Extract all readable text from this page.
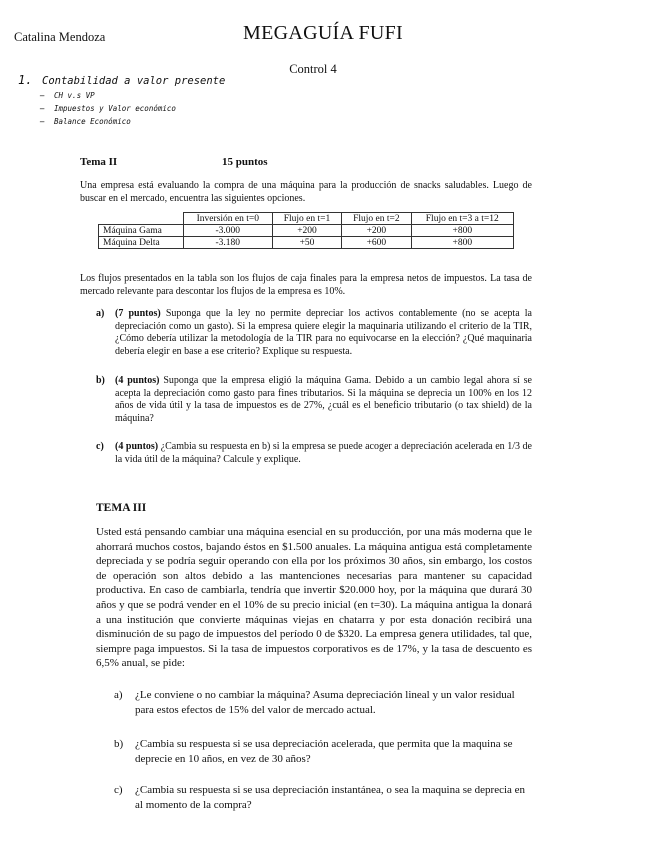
Catalina Mendoza	MEGAGUÍA FUFI
Control 4
1. Contabilidad a valor presente
– CH v.s VP
– Impuestos y Valor económico
– Balance Económico
Tema II	15 puntos
Una empresa está evaluando la compra de una máquina para la producción de snacks saludables. Luego de buscar en el mercado, encuentra las siguientes opciones.
	Inversión en t=0	Flujo en t=1	Flujo en t=2	Flujo en t=3 a t=12
Máquina Gama	-3.000	+200	+200	+800
Máquina Delta	-3.180	+50	+600	+800
Los flujos presentados en la tabla son los flujos de caja finales para la empresa netos de impuestos. La tasa de mercado relevante para descontar los flujos de la empresa es 10%.
a) (7 puntos) Suponga que la ley no permite depreciar los activos contablemente (no se acepta la depreciación como un gasto). Si la empresa quiere elegir la maquinaria utilizando el criterio de la TIR, ¿Cómo debería utilizar la metodología de la TIR para no equivocarse en la elección? ¿Qué maquinaria debería elegir en base a ese criterio? Explique su respuesta.
b) (4 puntos) Suponga que la empresa eligió la máquina Gama. Debido a un cambio legal ahora sí se acepta la depreciación como gasto para fines tributarios. Si la máquina se deprecia un 100% en los 12 años de vida útil y la tasa de impuestos es de 27%, ¿cuál es el beneficio tributario (o tax shield) de la máquina?
c) (4 puntos) ¿Cambia su respuesta en b) si la empresa se puede acoger a depreciación acelerada en 1/3 de la vida útil de la máquina? Calcule y explique.
TEMA III
Usted está pensando cambiar una máquina esencial en su producción, por una más moderna que le ahorrará muchos costos, bajando éstos en $1.500 anuales. La máquina antigua está completamente depreciada y se podría seguir operando con ella por los próximos 30 años, sin embargo, los costos de operación son altos debido a las mantenciones necesarias para mantener su capacidad productiva. En caso de cambiarla, tendría que invertir $20.000 hoy, por la máquina que durará 30 años y que se podrá vender en el 10% de su precio inicial (en t=30). La máquina antigua la donará a una institución que convierte máquinas viejas en chatarra y por esta donación recibirá una disminución de su pago de impuestos del período 0 de $320. La empresa genera utilidades, tal que, siempre paga impuestos. Si la tasa de impuestos corporativos es de 17%, y la tasa de descuento es 6,5% anual, se pide:
a) ¿Le conviene o no cambiar la máquina? Asuma depreciación lineal y un valor residual para estos efectos de 15% del valor de mercado actual.
b) ¿Cambia su respuesta si se usa depreciación acelerada, que permita que la maquina se deprecie en 10 años, en vez de 30 años?
c) ¿Cambia su respuesta si se usa depreciación instantánea, o sea la maquina se deprecia en al momento de la compra?
